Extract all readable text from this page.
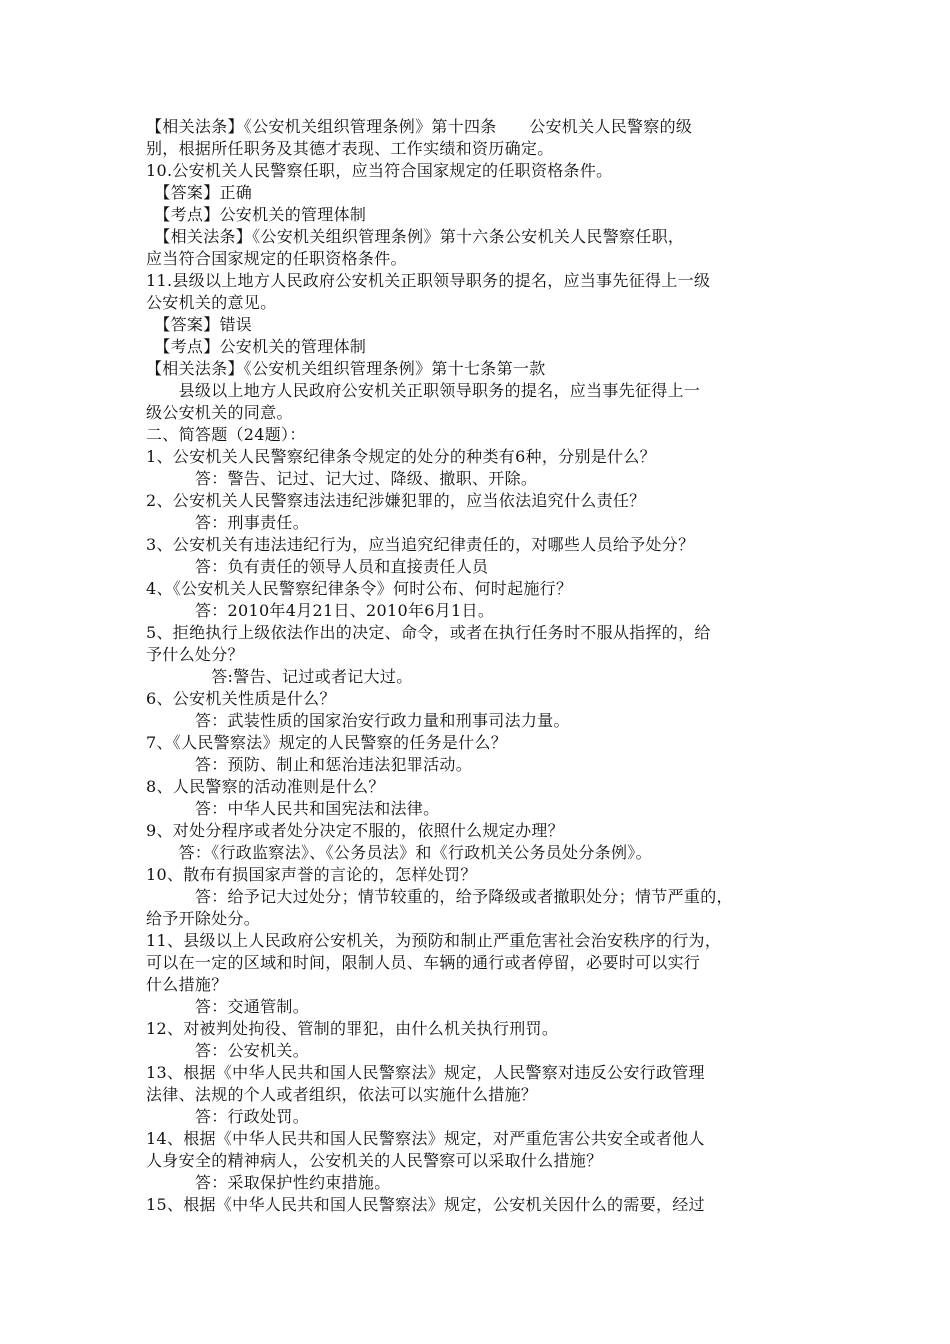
【相关法条】《公安机关组织管理条例》第十四条　　公安机关人民警察的级
别，根据所任职务及其德才表现、工作实绩和资历确定。
10.公安机关人民警察任职，应当符合国家规定的任职资格条件。
　【答案】正确
　【考点】公安机关的管理体制
　【相关法条】《公安机关组织管理条例》第十六条公安机关人民警察任职，
应当符合国家规定的任职资格条件。
11.县级以上地方人民政府公安机关正职领导职务的提名，应当事先征得上一级
公安机关的意见。
　【答案】错误
　【考点】公安机关的管理体制
【相关法条】《公安机关组织管理条例》第十七条第一款
　　县级以上地方人民政府公安机关正职领导职务的提名，应当事先征得上一
级公安机关的同意。
二、简答题（24题）：
1、公安机关人民警察纪律条令规定的处分的种类有6种，分别是什么？
　　　答：警告、记过、记大过、降级、撤职、开除。
2、公安机关人民警察违法违纪涉嫌犯罪的，应当依法追究什么责任？
　　　答：刑事责任。
3、公安机关有违法违纪行为，应当追究纪律责任的，对哪些人员给予处分？
　　　答：负有责任的领导人员和直接责任人员
4、《公安机关人民警察纪律条令》何时公布、何时起施行？
　　　答：2010年4月21日、2010年6月1日。
5、拒绝执行上级依法作出的决定、命令，或者在执行任务时不服从指挥的，给
予什么处分？
　　　　答:警告、记过或者记大过。
6、公安机关性质是什么？
　　　答：武装性质的国家治安行政力量和刑事司法力量。
7、《人民警察法》规定的人民警察的任务是什么？
　　　答：预防、制止和惩治违法犯罪活动。
8、人民警察的活动准则是什么？
　　　答：中华人民共和国宪法和法律。
9、对处分程序或者处分决定不服的，依照什么规定办理？
　　答：《行政监察法》、《公务员法》和《行政机关公务员处分条例》。
10、散布有损国家声誉的言论的，怎样处罚？
　　　答：给予记大过处分；情节较重的，给予降级或者撤职处分；情节严重的，
给予开除处分。
11、县级以上人民政府公安机关，为预防和制止严重危害社会治安秩序的行为，
可以在一定的区域和时间，限制人员、车辆的通行或者停留，必要时可以实行
什么措施？
　　　答：交通管制。
12、对被判处拘役、管制的罪犯，由什么机关执行刑罚。
　　　答：公安机关。
13、根据《中华人民共和国人民警察法》规定，人民警察对违反公安行政管理
法律、法规的个人或者组织，依法可以实施什么措施？
　　　答：行政处罚。
14、根据《中华人民共和国人民警察法》规定，对严重危害公共安全或者他人
人身安全的精神病人，公安机关的人民警察可以采取什么措施？
　　　答：采取保护性约束措施。
15、根据《中华人民共和国人民警察法》规定，公安机关因什么的需要，经过
